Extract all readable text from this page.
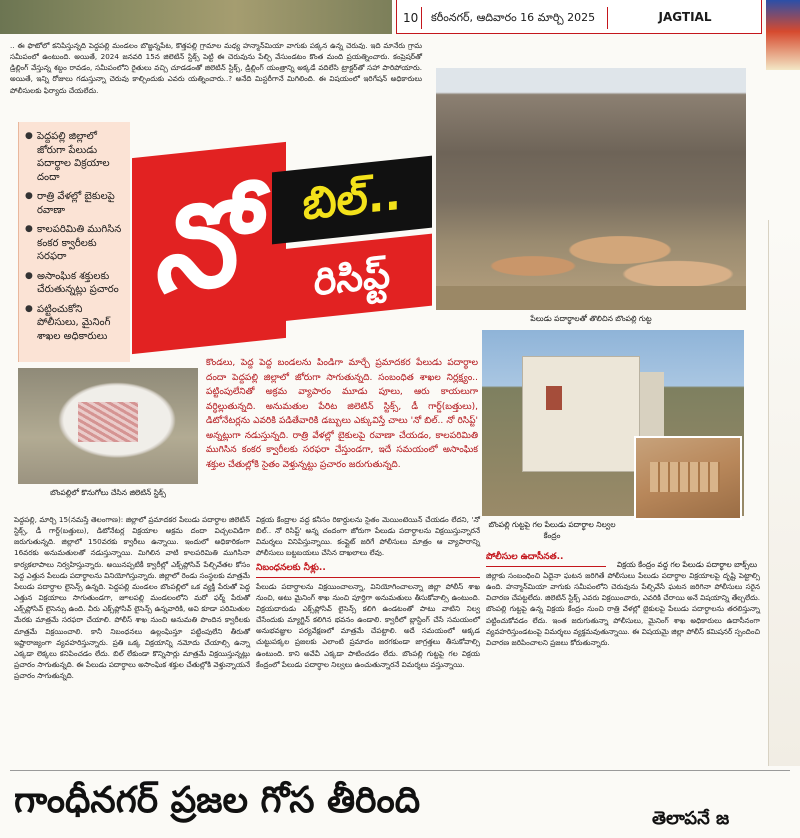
10 కరీంనగర్, ఆదివారం 16 మార్చి 2025	JAGTIAL
.. ఈ ఫొటోలో కనిపిస్తున్నది పెద్దపల్లి మండలం బొజ్జన్నపేట, కొత్తపల్లి గ్రామాల మధ్య హన్మాన్‌మియా వాగుకు పక్కన ఉన్న చెరువు. ఇది మానేరు గ్రామ సమీపంలో ఉంటుంది. అయితే, 2024 జనవరి 15న జిలెటిన్ స్టిక్స్ పెట్టి ఈ చెరువును పేల్చి వేసుండటం కొంత మంది ప్రయత్నించారు. కంప్రెషర్‌తో డ్రిల్లింగ్ వేస్తున్న శబ్దం రావడం, సమీపంలోని రైతులు వచ్చి చూడడంతో జిలెటిన్ స్టిక్స్, డ్రిల్లింగ్ యంత్రాన్ని అక్కడే వదిలేసి ట్రాక్టర్‌తో సహా పారిపోయారు. అయితే, ఇన్ని రోజులు గడుస్తున్నా చెరువు కాల్చిందుకు ఎవరు యత్నించారు..? అనేది మిస్టరీగానే మిగిలింది. ఈ విషయంలో ఇరిగేషన్ అధికారులు పోలీసులకు ఫిర్యాదు చేయలేదు.
● పెద్దపల్లి జిల్లాలో జోరుగా పేలుడు పదార్థాల విక్రయాల దందా
● రాత్రి వేళల్లో బైకులపై రవాణా
● కాలపరిమితి ముగిసిన కంకర క్వారీలకు సరఫరా
● అసాంఘిక శక్తులకు చేరుతున్నట్లు ప్రచారం
● పట్టించుకోని పోలీసులు, మైనింగ్ శాఖల అధికారులు
నో బిల్..
రిసిప్ట్
పేలుడు పదార్థాలతో తొలిచిన బొంపల్లి గుట్ట
కొండలు, పెద్ద పెద్ద బండలను పిండిగా మార్చే ప్రమాదకర పేలుడు పదార్థాల దందా పెద్దపల్లి జిల్లాలో జోరుగా సాగుతున్నది. సంబంధిత శాఖల నిర్లక్ష్యం.. పట్టింపులేనితో అక్రమ వ్యాపారం మూడు పూలు, ఆరు కాయలుగా వర్ధిల్లుతున్నది. అనుమతుల పేరిట జిలెటిన్ స్టిక్స్, డీ గార్డ్(బత్తులు), డిటోనేటర్లను ఎవరికి పడితేవారికి డబ్బులు ఎక్కువిస్తే చాలు 'నో బిల్.. నో రిసిప్ట్' అన్నట్లుగా నడుస్తున్నది. రాత్రి వేళల్లో బైకులపై రవాణా చేయడం, కాలపరిమితి ముగిసిన కంకర క్వారీలకు సరఫరా చేస్తుండగా, ఇదే సమయంలో అసాంఘిక శక్తుల చేతుల్లోకి సైతం వెళ్తున్నట్టు ప్రచారం జరుగుతున్నది.
బొంపల్లిలో కొనుగోలు చేసిన జిలెటిన్ స్టిక్స్
బొంపల్లి గుట్టపై గల పేలుడు పదార్థాల నిల్వల కేంద్రం
విక్రయ కేంద్రం వద్ద గల పేలుడు పదార్థాల బాక్స్‌లు
పెద్దపల్లి, మార్చి 15(నమస్తే తెలంగాణ): జిల్లాలో ప్రమాదకర పేలుడు పదార్థాల జిలెటిన్ స్టిక్స్, డీ గార్డ్(బత్తులు), డిటోనేటర్ల విక్రయాల అక్రమ దందా విచ్చలవిడిగా జరుగుతున్నది. జిల్లాలో 150వరకు క్వారీలు ఉన్నాయి. ఇందులో అధికారికంగా 16వరకు అనుమతులతో నడుస్తున్నాయి. మిగిలిన వాటి కాలపరిమితి ముగిసినా కార్యకలాపాలు నిర్వహిస్తున్నారు. అయినప్పటికీ క్వారీల్లో ఎక్స్‌ప్లోసివ్ పేల్చివేతల కోసం పెద్ద ఎత్తున పేలుడు పదార్థాలను వినియోగిస్తున్నారు. జిల్లాలో రెండు సంస్థలకు మాత్రమే పేలుడు పదార్థాల లైసెన్స్ ఉన్నది. పెద్దపల్లి మండలం బొంపల్లిలో ఒక వ్యక్తి పేరుతో పెద్ద ఎత్తున విక్రయాలు సాగుతుండగా, జూలపల్లి మండలంలోని మరో ఫర్మ్ పేరుతో ఎక్స్‌ప్లోసివ్ లైసెన్సు ఉంది. వీరు ఎక్స్‌ప్లోసివ్ లైసెన్స్ ఉన్నవారికి, అవి కూడా పరిమితుల మేరకు మాత్రమే సరఫరా చేయాలి. పోలీస్ శాఖ నుంచి అనుమతి పొందిన క్వారీలకు మాత్రమే విక్రయించాలి. కానీ నిబంధనలు ఉల్లంఘిస్తూ పట్టింపులేని తీరుతో ఇష్టారాజ్యంగా వ్యవహరిస్తున్నారు. ప్రతి ఒక్క విక్రయాన్ని నమోదు చేయాల్సి ఉన్నా ఎక్కడా లెక్కలు కనిపించడం లేదు. బిల్ లేకుండా కొన్నిసార్లు మాత్రమే విక్రయిస్తున్నట్లు ప్రచారం సాగుతున్నది. ఈ పేలుడు పదార్థాలు అసాంఘిక శక్తుల చేతుల్లోకి వెళ్తున్నాయనే ప్రచారం సాగుతున్నది.
విక్రయ కేంద్రాల వద్ద కనీసం రికార్డులను సైతం మెయింటెయిన్ చేయడం లేదని, 'నో బిల్.. నో రిసిప్ట్' అన్న చందంగా జోరుగా పేలుడు పదార్థాలను విక్రయిస్తున్నారనే విమర్శలు వినిపిస్తున్నాయి. కంప్లైట్ జరిగే పోలీసులు మాత్రం ఆ వ్యాపారాన్ని పోలీసులు బట్టబయలు చేసిన దాఖలాలు లేవు.
నిబంధనలకు నీళ్లు..
పేలుడు పదార్థాలను విక్రయించాలన్నా, వినియోగించాలన్నా జిల్లా పోలీస్ శాఖ నుంచి, అటు మైనింగ్ శాఖ నుంచి పూర్తిగా అనుమతులు తీసుకోవాల్సి ఉంటుంది. విక్రయదారుడు ఎక్స్‌ప్లోసివ్ లైసెన్స్ కలిగి ఉండటంతో పాటు వాటిని నిల్వ చేసేందుకు మ్యాగ్జిన్ కలిగిన భవనం ఉండాలి. క్వారీలో బ్లాస్టింగ్ చేసే సమయంలో అనుభవజ్ఞుల పర్యవేక్షణలో మాత్రమే చేపట్టాలి. అదే సమయంలో అక్కడ చుట్టుపక్కల ప్రజలకు ఎలాంటి ప్రమాదం జరగకుండా జాగ్రత్తలు తీసుకోవాల్సి ఉంటుంది. కాని అవేవీ ఎక్కడా పాటించడం లేదు. బొంపల్లి గుట్టపై గల విక్రయ కేంద్రంలో పేలుడు పదార్థాల నిల్వలు ఉంచుతున్నారనే విమర్శలు వస్తున్నాయి.
పోలీసుల ఉదాసీనత..
జిల్లాకు సంబంధించి ఏదైనా ఘటన జరిగితే పోలీసులు పేలుడు పదార్థాల విక్రయాలపై దృష్టి పెట్టాల్సి ఉంది. హన్మాన్‌మియా వాగుకు సమీపంలోని చెరువును పేల్చివేసే ఘటన జరిగినా పోలీసులు సరైన విచారణ చేపట్టలేదు. జిలెటిన్ స్టిక్స్ ఎవరు విక్రయించారు, ఎవరికి చేరాయి అనే విషయాన్ని తేల్చలేదు. బొంపల్లి గుట్టపై ఉన్న విక్రయ కేంద్రం నుంచి రాత్రి వేళల్లో బైకులపై పేలుడు పదార్థాలను తరలిస్తున్నా పట్టించుకోవడం లేదు. ఇంత జరుగుతున్నా పోలీసులు, మైనింగ్ శాఖ అధికారులు ఉదాసీనంగా వ్యవహరిస్తుండటంపై విమర్శలు వ్యక్తమవుతున్నాయి. ఈ విషయమై జిల్లా పోలీస్ కమిషనర్ స్పందించి విచారణ జరిపించాలని ప్రజలు కోరుతున్నారు.
గాంధీనగర్ ప్రజల గోస తీరింది	తెలాపనే జ
